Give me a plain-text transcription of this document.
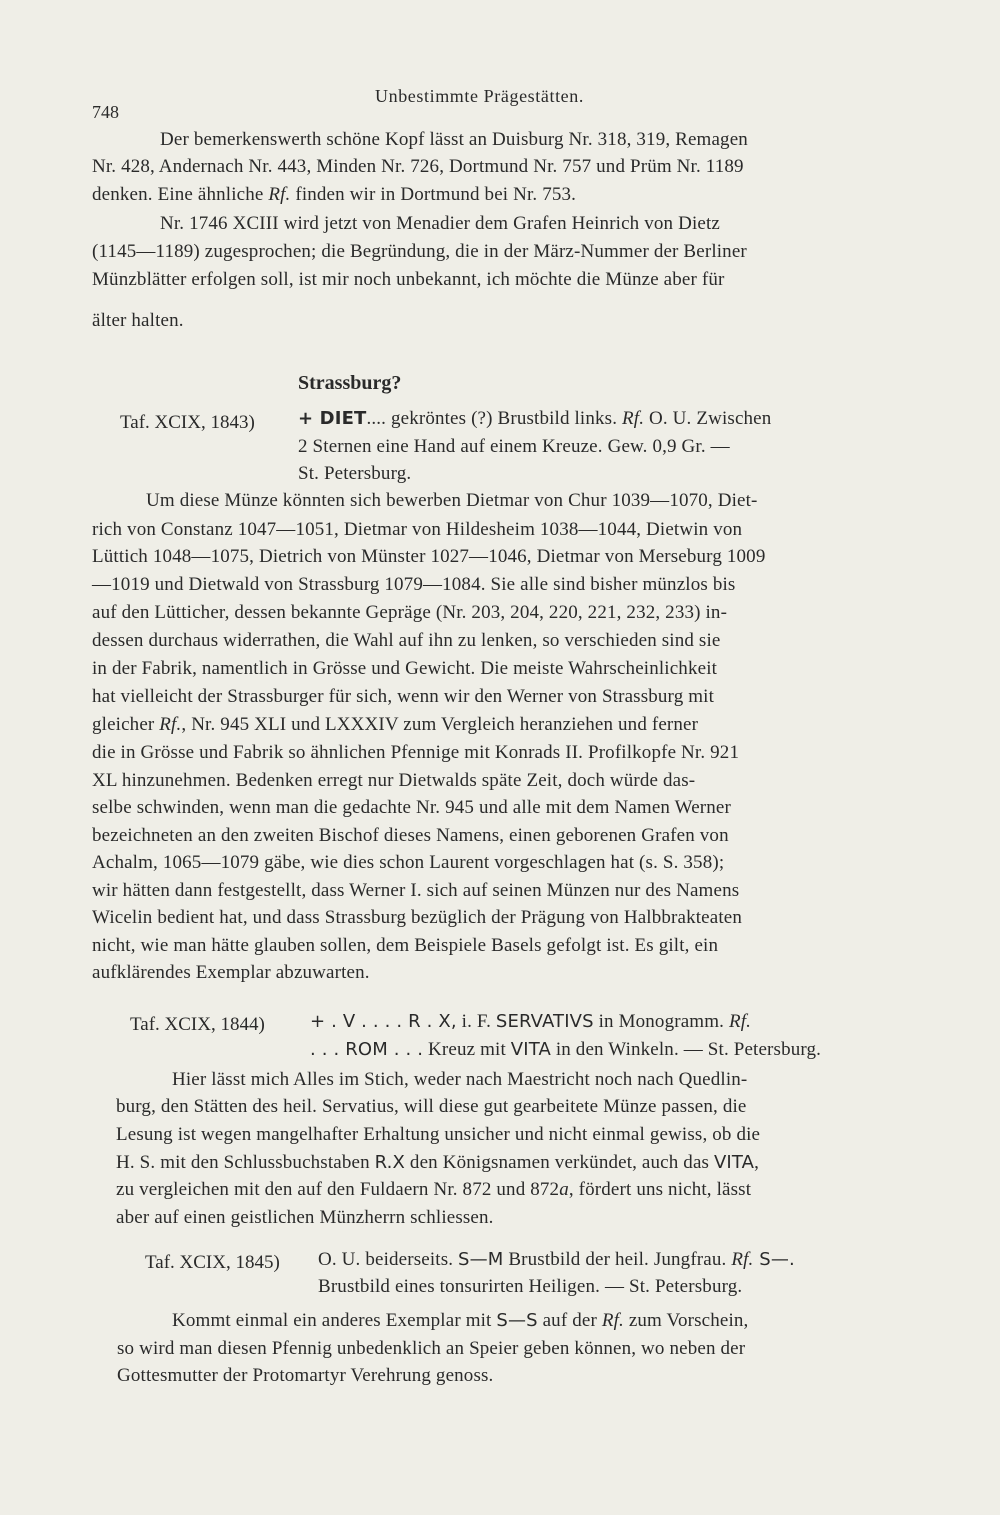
748
Unbestimmte Prägestätten.
Der bemerkenswerth schöne Kopf lässt an Duisburg Nr. 318, 319, Remagen
Nr. 428, Andernach Nr. 443, Minden Nr. 726, Dortmund Nr. 757 und Prüm Nr. 1189
denken. Eine ähnliche Rf. finden wir in Dortmund bei Nr. 753.
Nr. 1746 XCIII wird jetzt von Menadier dem Grafen Heinrich von Dietz
(1145—1189) zugesprochen; die Begründung, die in der März-Nummer der Berliner
Münzblätter erfolgen soll, ist mir noch unbekannt, ich möchte die Münze aber für
älter halten.
Strassburg?
Taf. XCIX, 1843) + DIET.... gekröntes (?) Brustbild links. Rf. O. U. Zwischen
2 Sternen eine Hand auf einem Kreuze. Gew. 0,9 Gr. —
St. Petersburg.
Um diese Münze könnten sich bewerben Dietmar von Chur 1039—1070, Diet-
rich von Constanz 1047—1051, Dietmar von Hildesheim 1038—1044, Dietwin von
Lüttich 1048—1075, Dietrich von Münster 1027—1046, Dietmar von Merseburg 1009
—1019 und Dietwald von Strassburg 1079—1084. Sie alle sind bisher münzlos bis
auf den Lütticher, dessen bekannte Gepräge (Nr. 203, 204, 220, 221, 232, 233) in-
dessen durchaus widerrathen, die Wahl auf ihn zu lenken, so verschieden sind sie
in der Fabrik, namentlich in Grösse und Gewicht. Die meiste Wahrscheinlichkeit
hat vielleicht der Strassburger für sich, wenn wir den Werner von Strassburg mit
gleicher Rf., Nr. 945 XLI und LXXXIV zum Vergleich heranziehen und ferner
die in Grösse und Fabrik so ähnlichen Pfennige mit Konrads II. Profilkopfe Nr. 921
XL hinzunehmen. Bedenken erregt nur Dietwalds späte Zeit, doch würde das-
selbe schwinden, wenn man die gedachte Nr. 945 und alle mit dem Namen Werner
bezeichneten an den zweiten Bischof dieses Namens, einen geborenen Grafen von
Achalm, 1065—1079 gäbe, wie dies schon Laurent vorgeschlagen hat (s. S. 358);
wir hätten dann festgestellt, dass Werner I. sich auf seinen Münzen nur des Namens
Wicelin bedient hat, und dass Strassburg bezüglich der Prägung von Halbbrakteaten
nicht, wie man hätte glauben sollen, dem Beispiele Basels gefolgt ist. Es gilt, ein
aufklärendes Exemplar abzuwarten.
Taf. XCIX, 1844)	+ . V . . . . R . X, i. F. SERVATIVS in Monogramm. Rf.
. . . ROM . . . Kreuz mit VITA in den Winkeln. — St. Petersburg.
Hier lässt mich Alles im Stich, weder nach Maestricht noch nach Quedlin-
burg, den Stätten des heil. Servatius, will diese gut gearbeitete Münze passen, die
Lesung ist wegen mangelhafter Erhaltung unsicher und nicht einmal gewiss, ob die
H. S. mit den Schlussbuchstaben R.X den Königsnamen verkündet, auch das VITA,
zu vergleichen mit den auf den Fuldaern Nr. 872 und 872a, fördert uns nicht, lässt
aber auf einen geistlichen Münzherrn schliessen.
Taf. XCIX, 1845) O. U. beiderseits. S—M Brustbild der heil. Jungfrau. Rf. S—.
Brustbild eines tonsurirten Heiligen. — St. Petersburg.
Kommt einmal ein anderes Exemplar mit S—S auf der Rf. zum Vorschein,
so wird man diesen Pfennig unbedenklich an Speier geben können, wo neben der
Gottesmutter der Protomartyr Verehrung genoss.
